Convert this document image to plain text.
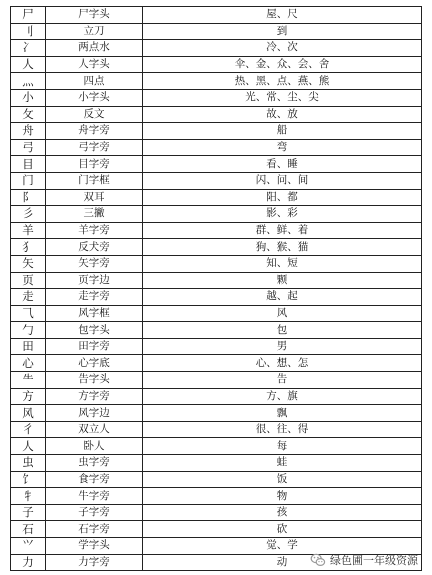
尸	尸字头	屋、尺
刂	立刀	到
冫	两点水	冷、次
人	人字头	伞、金、众、会、舍
灬	四点	热、黑、点、燕、熊
小	小字头	光、常、尘、尖
攵	反文	故、放
舟	舟字旁	船
弓	弓字旁	弯
目	目字旁	看、睡
门	门字框	闪、问、间
阝	双耳	阳、都
彡	三撇	影、彩
羊	羊字旁	群、鲜、着
犭	反犬旁	狗、猴、猫
矢	矢字旁	知、短
页	页字边	颗
走	走字旁	越、起
⺄	风字框	风
勹	包字头	包
田	田字旁	男
心	心字底	心、想、怎
⺧	告字头	告
方	方字旁	方、旗
风	风字边	飘
彳	双立人	很、往、得
人	卧人	每
虫	虫字旁	蛙
饣	食字旁	饭
牜	牛字旁	物
子	子字旁	孩
石	石字旁	砍
⺍	学字头	觉、学
力	力字旁	动	绿色圃一年级资源
